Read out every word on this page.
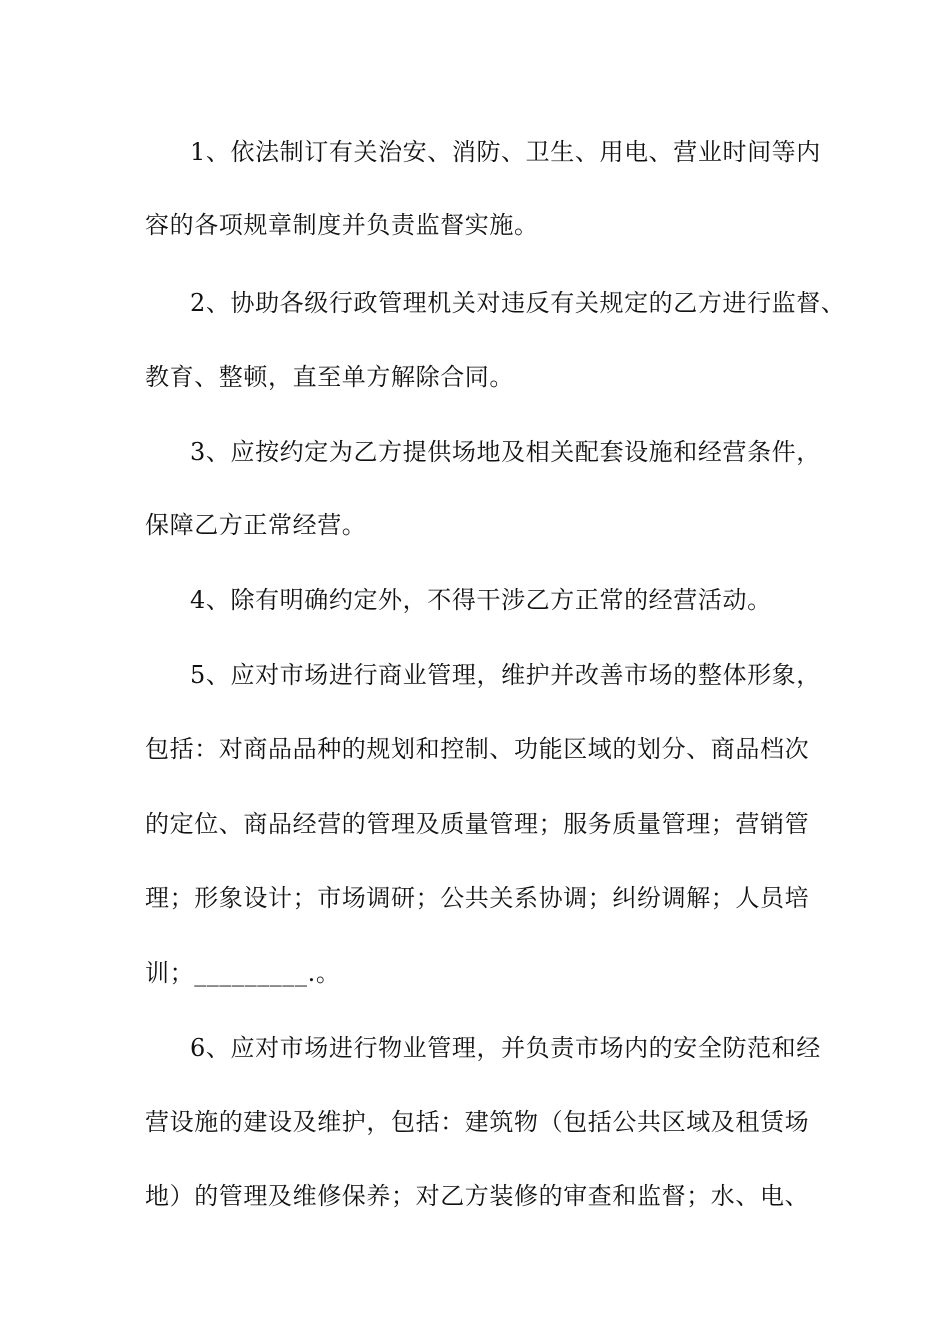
1、依法制订有关治安、消防、卫生、用电、营业时间等内
容的各项规章制度并负责监督实施。
2、协助各级行政管理机关对违反有关规定的乙方进行监督、
教育、整顿，直至单方解除合同。
3、应按约定为乙方提供场地及相关配套设施和经营条件，
保障乙方正常经营。
4、除有明确约定外，不得干涉乙方正常的经营活动。
5、应对市场进行商业管理，维护并改善市场的整体形象，
包括：对商品品种的规划和控制、功能区域的划分、商品档次
的定位、商品经营的管理及质量管理；服务质量管理；营销管
理；形象设计；市场调研；公共关系协调；纠纷调解；人员培
训；_________.。
6、应对市场进行物业管理，并负责市场内的安全防范和经
营设施的建设及维护，包括：建筑物（包括公共区域及租赁场
地）的管理及维修保养；对乙方装修的审查和监督；水、电、
